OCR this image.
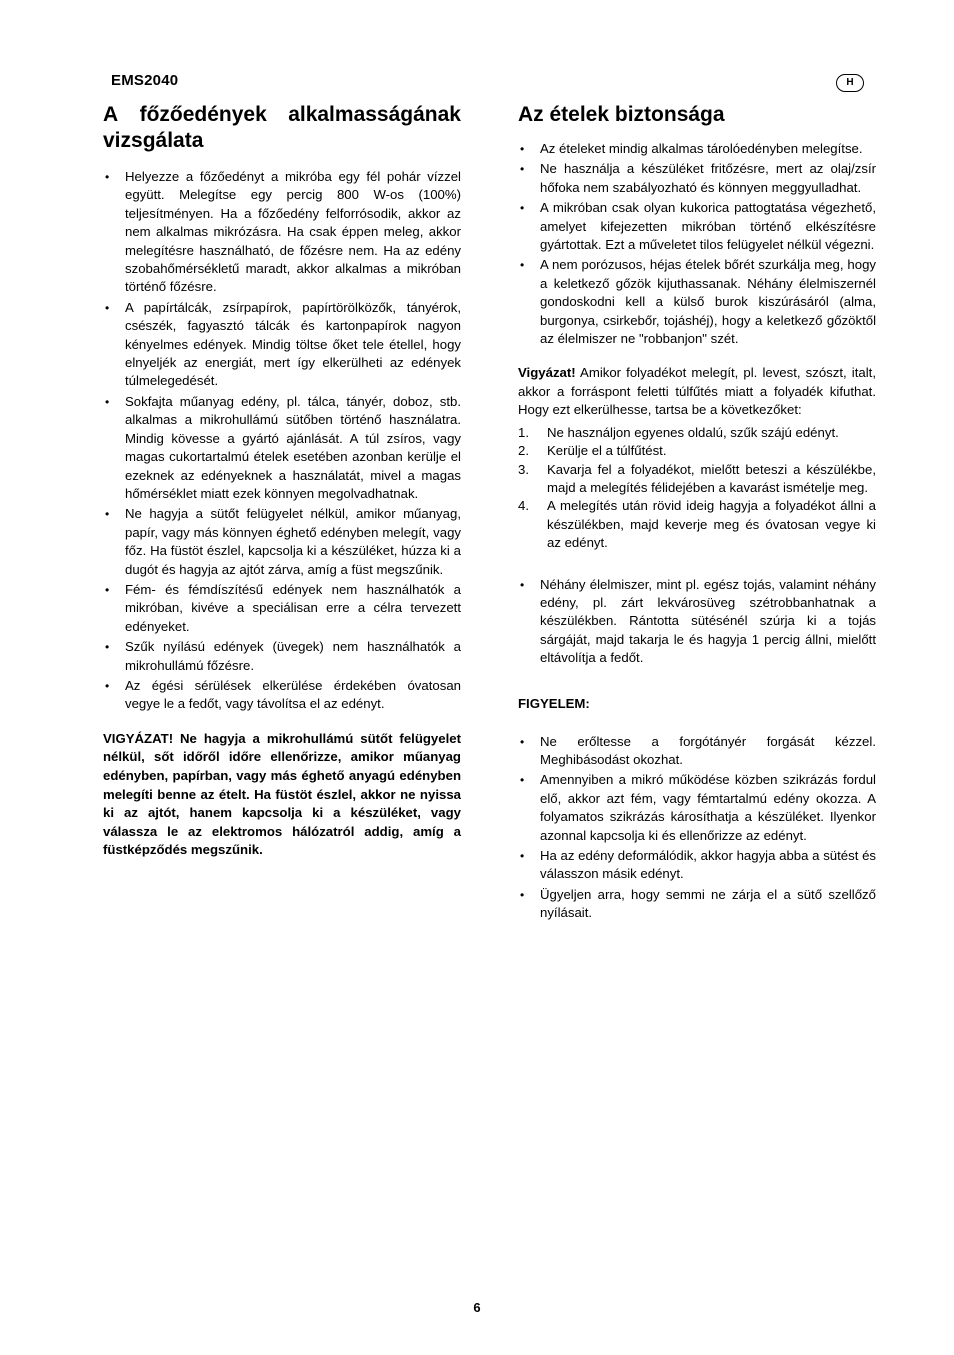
EMS2040	H
A főzőedények alkalmasságának
vizsgálata
• Helyezze a főzőedényt a mikróba egy fél pohár vízzel együtt. Melegítse egy percig 800 W-os (100%) teljesítményen. Ha a főzőedény felforrósodik, akkor az nem alkalmas mikrózásra. Ha csak éppen meleg, akkor melegítésre használható, de főzésre nem. Ha az edény szobahőmérsékletű maradt, akkor alkalmas a mikróban történő főzésre.
• A papírtálcák, zsírpapírok, papírtörölközők, tányérok, csészék, fagyasztó tálcák és kartonpapírok nagyon kényelmes edények. Mindig töltse őket tele étellel, hogy elnyeljék az energiát, mert így elkerülheti az edények túlmelegedését.
• Sokfajta műanyag edény, pl. tálca, tányér, doboz, stb. alkalmas a mikrohullámú sütőben történő használatra. Mindig kövesse a gyártó ajánlását. A túl zsíros, vagy magas cukortartalmú ételek esetében azonban kerülje el ezeknek az edényeknek a használatát, mivel a magas hőmérséklet miatt ezek könnyen megolvadhatnak.
• Ne hagyja a sütőt felügyelet nélkül, amikor műanyag, papír, vagy más könnyen éghető edényben melegít, vagy főz. Ha füstöt észlel, kapcsolja ki a készüléket, húzza ki a dugót és hagyja az ajtót zárva, amíg a füst megszűnik.
• Fém- és fémdíszítésű edények nem használhatók a mikróban, kivéve a speciálisan erre a célra tervezett edényeket.
• Szűk nyílású edények (üvegek) nem használhatók a mikrohullámú főzésre.
• Az égési sérülések elkerülése érdekében óvatosan vegye le a fedőt, vagy távolítsa el az edényt.
VIGYÁZAT! Ne hagyja a mikrohullámú sütőt felügyelet nélkül, sőt időről időre ellenőrizze, amikor műanyag edényben, papírban, vagy más éghető anyagú edényben melegíti benne az ételt. Ha füstöt észlel, akkor ne nyissa ki az ajtót, hanem kapcsolja ki a készüléket, vagy válassza le az elektromos hálózatról addig, amíg a füstképződés megszűnik.
Az ételek biztonsága
• Az ételeket mindig alkalmas tárolóedényben melegítse.
• Ne használja a készüléket fritőzésre, mert az olaj/zsír hőfoka nem szabályozható és könnyen meggyulladhat.
• A mikróban csak olyan kukorica pattogtatása végezhető, amelyet kifejezetten mikróban történő elkészítésre gyártottak. Ezt a műveletet tilos felügyelet nélkül végezni.
• A nem porózusos, héjas ételek bőrét szurkálja meg, hogy a keletkező gőzök kijuthassanak. Néhány élelmiszernél gondoskodni kell a külső burok kiszúrásáról (alma, burgonya, csirkebőr, tojáshéj), hogy a keletkező gőzöktől az élelmiszer ne "robbanjon" szét.

Vigyázat! Amikor folyadékot melegít, pl. levest, szószt, italt, akkor a forráspont feletti túlfűtés miatt a folyadék kifuthat. Hogy ezt elkerülhesse, tartsa be a következőket:

1. Ne használjon egyenes oldalú, szűk szájú edényt.
2. Kerülje el a túlfűtést.
3. Kavarja fel a folyadékot, mielőtt beteszi a készülékbe, majd a melegítés félidejében a kavarást ismételje meg.
4. A melegítés után rövid ideig hagyja a folyadékot állni a készülékben, majd keverje meg és óvatosan vegye ki az edényt.
• Néhány élelmiszer, mint pl. egész tojás, valamint néhány edény, pl. zárt lekvárosüveg szétrobbanhatnak a készülékben. Rántotta sütésénél szúrja ki a tojás sárgáját, majd takarja le és hagyja 1 percig állni, mielőtt eltávolítja a fedőt.

FIGYELEM:

• Ne erőltesse a forgótányér forgását kézzel. Meghibásodást okozhat.
• Amennyiben a mikró működése közben szikrázás fordul elő, akkor azt fém, vagy fémtartalmú edény okozza. A folyamatos szikrázás károsíthatja a készüléket. Ilyenkor azonnal kapcsolja ki és ellenőrizze az edényt.
• Ha az edény deformálódik, akkor hagyja abba a sütést és válasszon másik edényt.
• Ügyeljen arra, hogy semmi ne zárja el a sütő szellőző nyílásait.
6
